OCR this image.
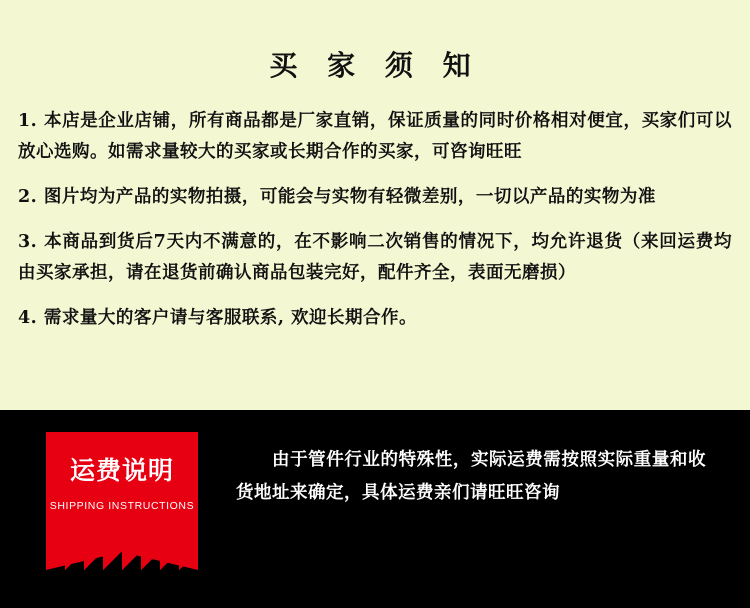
买 家 须 知
1. 本店是企业店铺，所有商品都是厂家直销，保证质量的同时价格相对便宜，买家们可以放心选购。如需求量较大的买家或长期合作的买家，可咨询旺旺
2. 图片均为产品的实物拍摄，可能会与实物有轻微差别，一切以产品的实物为准
3. 本商品到货后7天内不满意的，在不影响二次销售的情况下，均允许退货（来回运费均由买家承担，请在退货前确认商品包装完好，配件齐全，表面无磨损）
4. 需求量大的客户请与客服联系, 欢迎长期合作。
运费说明
SHIPPING INSTRUCTIONS
由于管件行业的特殊性，实际运费需按照实际重量和收货地址来确定，具体运费亲们请旺旺咨询
